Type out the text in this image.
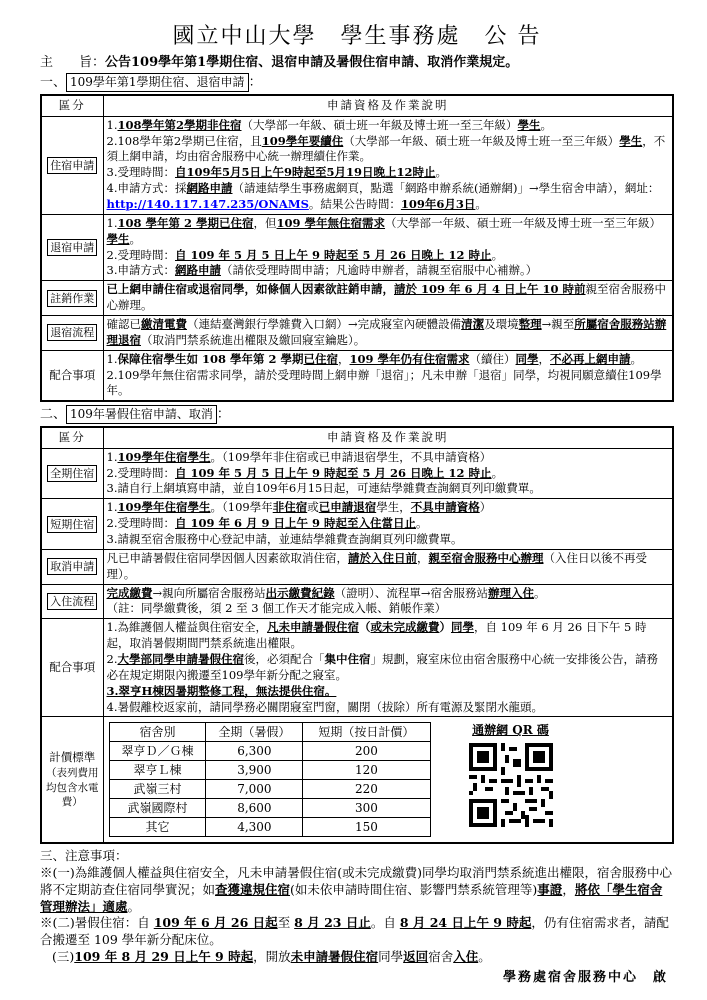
國立中山大學　學生事務處　公 告
主　　旨：公告109學年第1學期住宿、退宿申請及暑假住宿申請、取消作業規定。
一、 109學年第1學期住宿、退宿申請 ：
區分	申請資格及作業說明
住宿申請	1.108學年第2學期非住宿（大學部一年級、碩士班一年級及博士班一至三年級）學生。
2.108學年第2學期已住宿，且109學年要續住（大學部一年級、碩士班一年級及博士班一至三年級）學生，不須上網申請，均由宿舍服務中心統一辦理續住作業。
3.受理時間：自109年5月5日上午9時起至5月19日晚上12時止。
4.申請方式：採網路申請（請連結學生事務處網頁，點選「網路申辦系統(通辦網)」→學生宿舍申請），網址：http://140.117.147.235/ONAMS。結果公告時間：109年6月3日。

退宿申請	1.108 學年第 2 學期已住宿，但109 學年無住宿需求（大學部一年級、碩士班一年級及博士班一至三年級）學生。
2.受理時間：自 109 年 5 月 5 日上午 9 時起至 5 月 26 日晚上 12 時止。
3.申請方式：網路申請（請依受理時間申請；凡逾時申辦者，請親至宿服中心補辦。）

註銷作業	已上網申請住宿或退宿同學，如條個人因素欲註銷申請，請於 109 年 6 月 4 日上午 10 時前親至宿舍服務中心辦理。
退宿流程	確認已繳清電費（連結臺灣銀行學雜費入口網）→完成寢室內硬體設備清潔及環境整理→親至所屬宿舍服務站辦理退宿（取消門禁系統進出權限及繳回寢室鑰匙）。
配合事項	1.保障住宿學生如 108 學年第 2 學期已住宿，109 學年仍有住宿需求（續住）同學，不必再上網申請。
2.109學年無住宿需求同學，請於受理時間上網申辦「退宿」；凡未申辦「退宿」同學，均視同願意續住109學年。
二、 109年暑假住宿申請、取消 ：
區分	申請資格及作業說明
全期住宿	
1.109學年住宿學生。（109學年非住宿或已申請退宿學生，不具申請資格）
2.受理時間：自 109 年 5 月 5 日上午 9 時起至 5 月 26 日晚上 12 時止。
3.請自行上網填寫申請，並自109年6月15日起，可連結學雜費查詢網頁列印繳費單。

短期住宿	
1.109學年住宿學生。（109學年非住宿或已申請退宿學生，不具申請資格）
2.受理時間：自 109 年 6 月 9 日上午 9 時起至入住當日止。
3.請親至宿舍服務中心登記申請，並連結學雜費查詢網頁列印繳費單。

取消申請	凡已申請暑假住宿同學因個人因素欲取消住宿，請於入住日前，親至宿舍服務中心辦理（入住日以後不再受理）。
入住流程	
完成繳費→親向所屬宿舍服務站出示繳費紀錄（證明）、流程單→宿舍服務站辦理入住。
（註：同學繳費後，須 2 至 3 個工作天才能完成入帳、銷帳作業）

配合事項	
1.為維護個人權益與住宿安全，凡未申請暑假住宿（或未完成繳費）同學，自 109 年 6 月 26 日下午 5 時起，取消暑假期間門禁系統進出權限。
2.大學部同學申請暑假住宿後，必須配合「集中住宿」規劃，寢室床位由宿舍服務中心統一安排後公告，請務必在規定期限內搬遷至109學年新分配之寢室。
3.翠亨H棟因暑期整修工程，無法提供住宿。
4.暑假離校返家前，請同學務必關閉寢室門窗，關閉（拔除）所有電源及緊閉水龍頭。

計價標準
（表列費用均包含水電費）

宿舍別	全期（暑假）	短期（按日計價）
翠亨Ｄ／Ｇ棟	6,300	200
翠亨Ｌ棟	3,900	120
武嶺三村	7,000	220
武嶺國際村	8,600	300
其它	4,300	150
通辦網 QR 碼
三、注意事項：
※(一)為維護個人權益與住宿安全，凡未申請暑假住宿(或未完成繳費)同學均取消門禁系統進出權限，宿舍服務中心將不定期訪查住宿同學實況；如查獲違規住宿(如未依申請時間住宿、影響門禁系統管理等)事證，將依「學生宿舍管理辦法」適處。
※(二)暑假住宿：自 109 年 6 月 26 日起至 8 月 23 日止。自 8 月 24 日上午 9 時起，仍有住宿需求者，請配合搬遷至 109 學年新分配床位。
(三)109 年 8 月 29 日上午 9 時起，開放未申請暑假住宿同學返回宿舍入住。
學務處宿舍服務中心　啟
